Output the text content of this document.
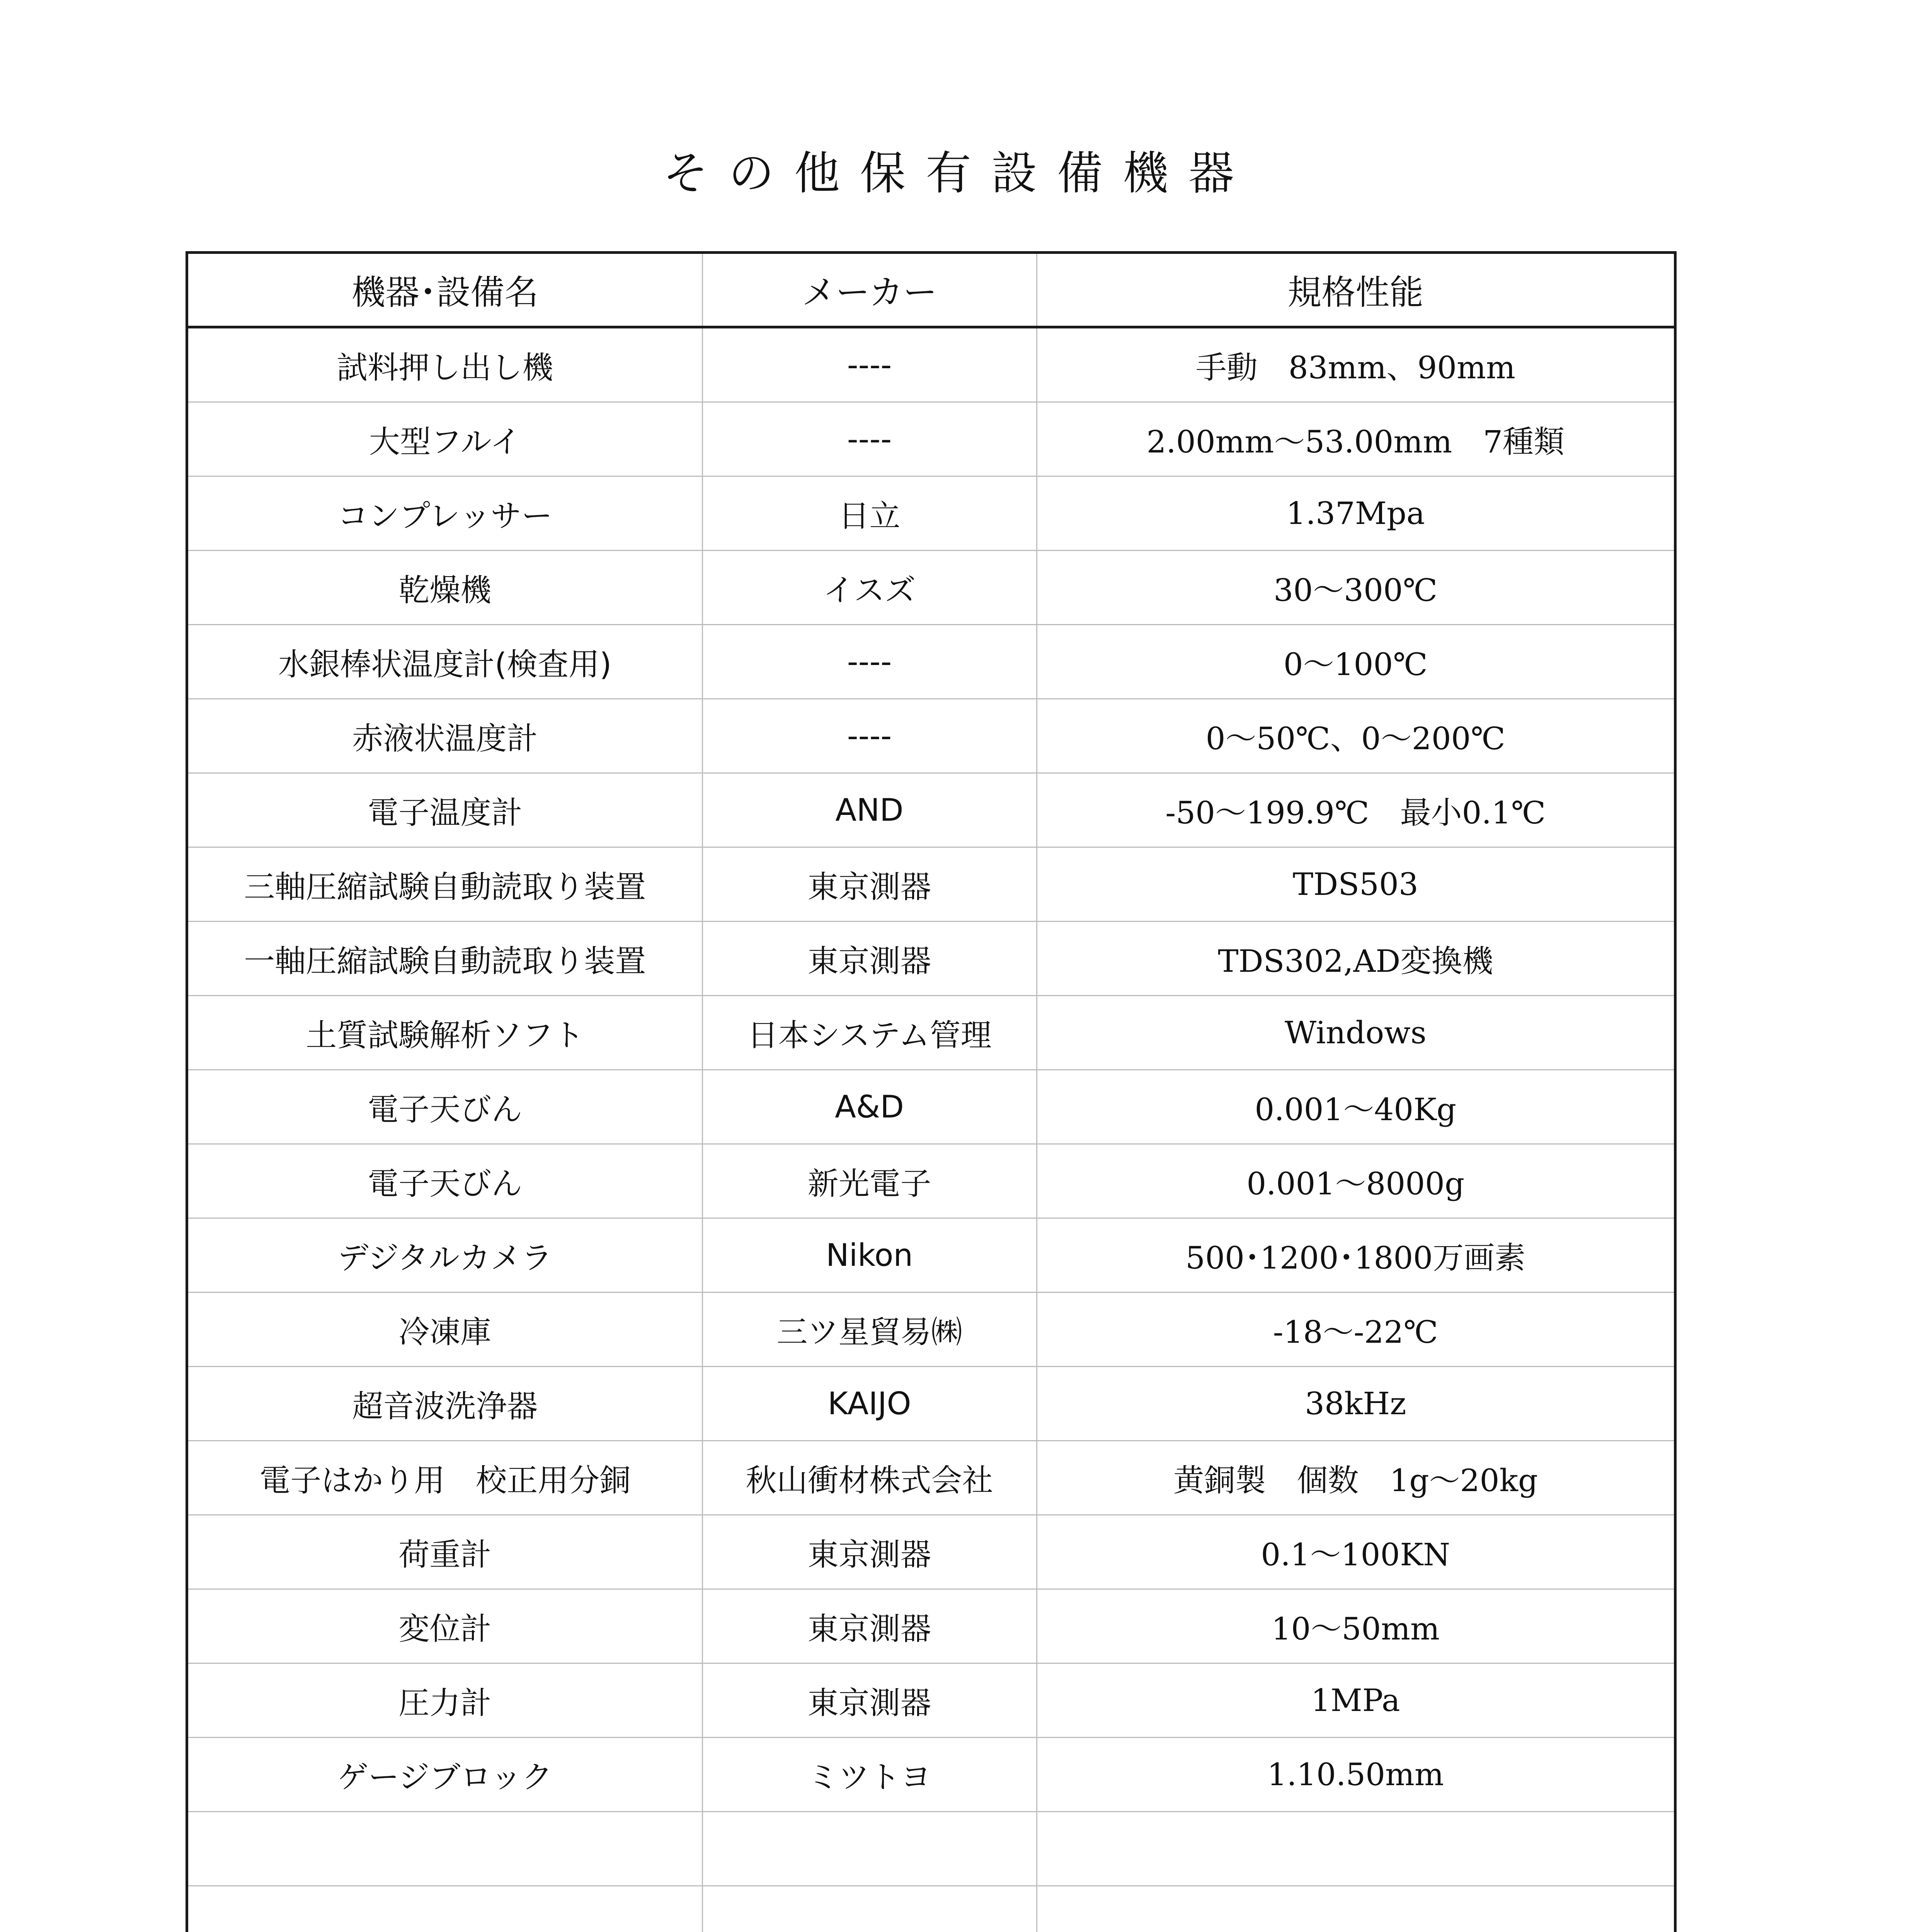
その他保有設備機器
機器･設備名	メーカー	規格性能
試料押し出し機	----	手動　83mm、90mm
大型フルイ	----	2.00mm～53.00mm　7種類
コンプレッサー	日立	1.37Mpa
乾燥機	イスズ	30～300℃
水銀棒状温度計(検査用)	----	0～100℃
赤液状温度計	----	0～50℃、0～200℃
電子温度計	AND	-50～199.9℃　最小0.1℃
三軸圧縮試験自動読取り装置	東京測器	TDS503
一軸圧縮試験自動読取り装置	東京測器	TDS302,AD変換機
土質試験解析ソフト	日本システム管理	Windows
電子天びん	A&D	0.001～40Kg
電子天びん	新光電子	0.001～8000g
デジタルカメラ	Nikon	500･1200･1800万画素
冷凍庫	三ツ星貿易㈱	-18～-22℃
超音波洗浄器	KAIJO	38kHz
電子はかり用　校正用分銅	秋山衝材株式会社	黄銅製　個数　1g～20kg
荷重計	東京測器	0.1～100KN
変位計	東京測器	10～50mm
圧力計	東京測器	1MPa
ゲージブロック	ミツトヨ	1.10.50mm
